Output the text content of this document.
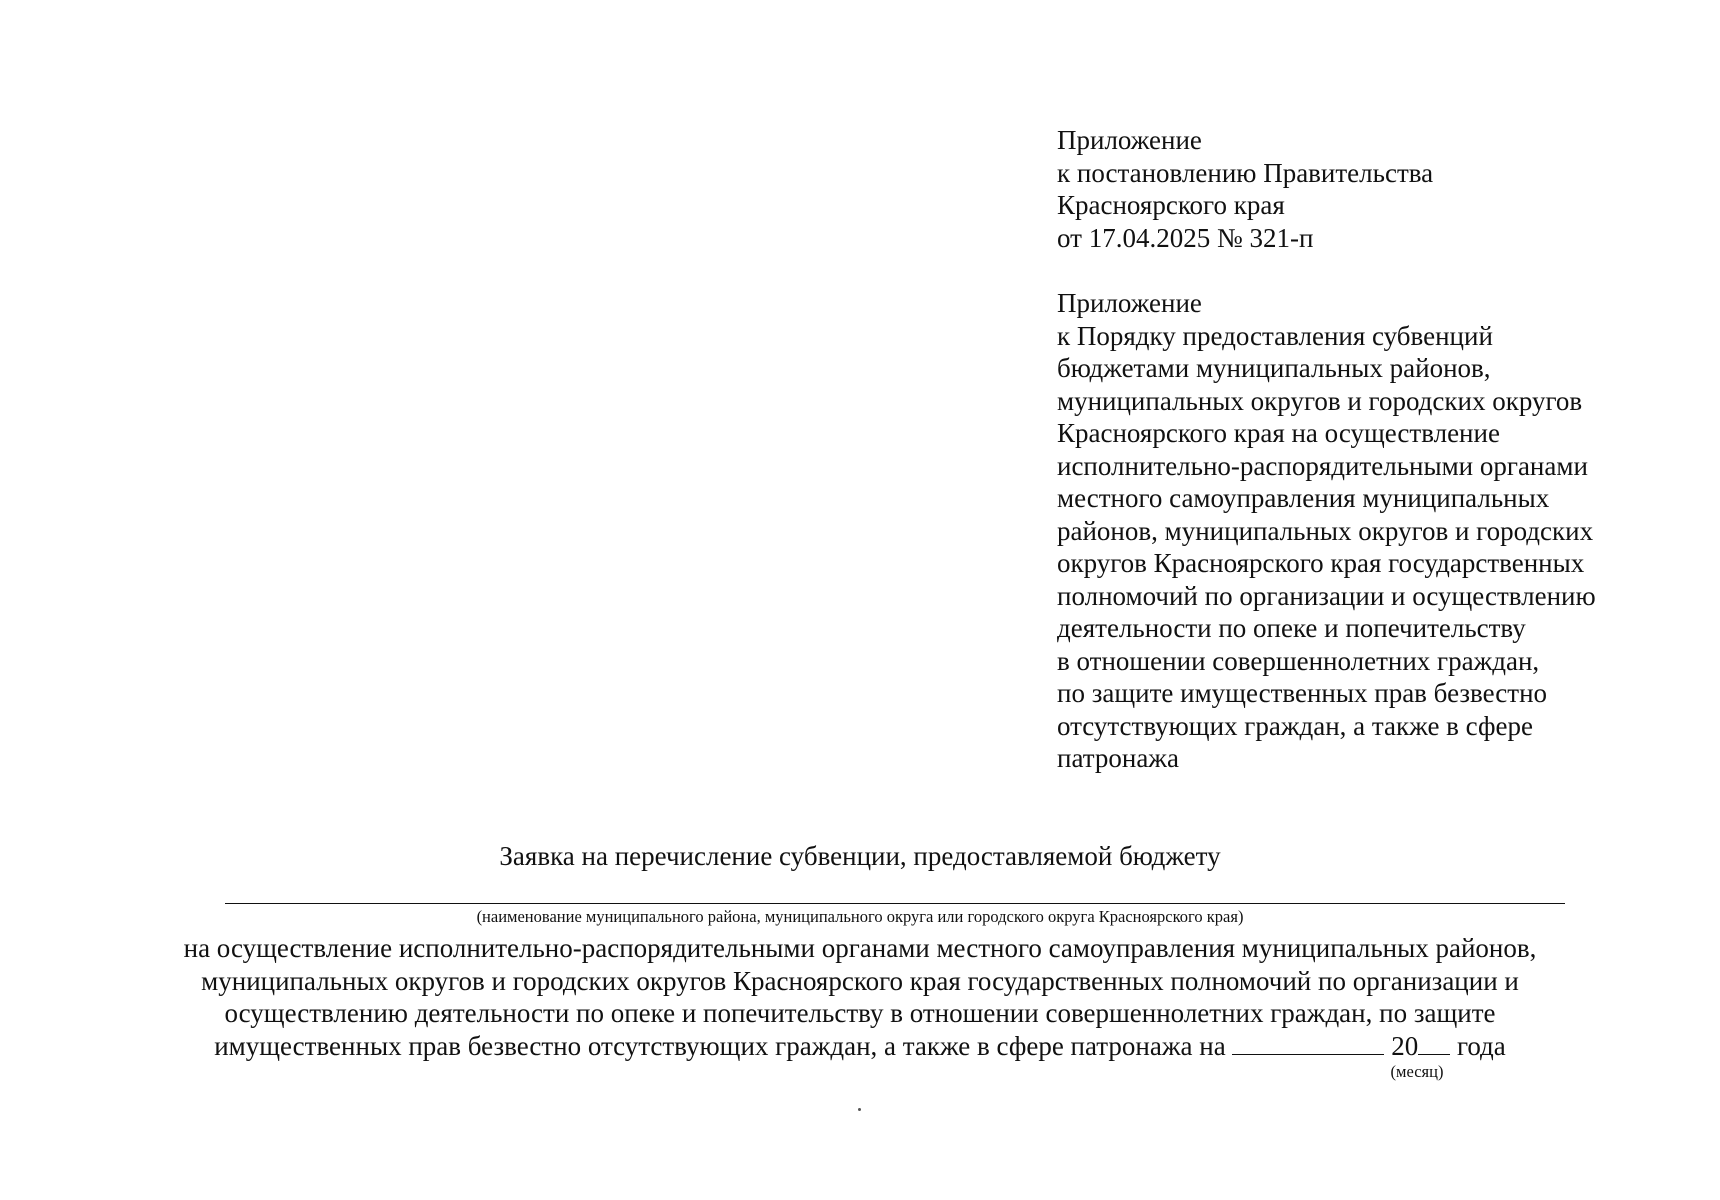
Приложение
к постановлению Правительства
Красноярского края
от 17.04.2025 № 321-п
Приложение
к Порядку предоставления субвенций
бюджетами муниципальных районов,
муниципальных округов и городских округов
Красноярского края на осуществление
исполнительно-распорядительными органами
местного самоуправления муниципальных
районов, муниципальных округов и городских
округов Красноярского края государственных
полномочий по организации и осуществлению
деятельности по опеке и попечительству
в отношении совершеннолетних граждан,
по защите имущественных прав безвестно
отсутствующих граждан, а также в сфере
патронажа
Заявка на перечисление субвенции, предоставляемой бюджету
(наименование муниципального района, муниципального округа или городского округа Красноярского края)
на осуществление исполнительно-распорядительными органами местного самоуправления муниципальных районов,
муниципальных округов и городских округов Красноярского края государственных полномочий по организации и
осуществлению деятельности по опеке и попечительству в отношении совершеннолетних граждан, по защите
имущественных прав безвестно отсутствующих граждан, а также в сфере патронажа на	20 года
(месяц)
